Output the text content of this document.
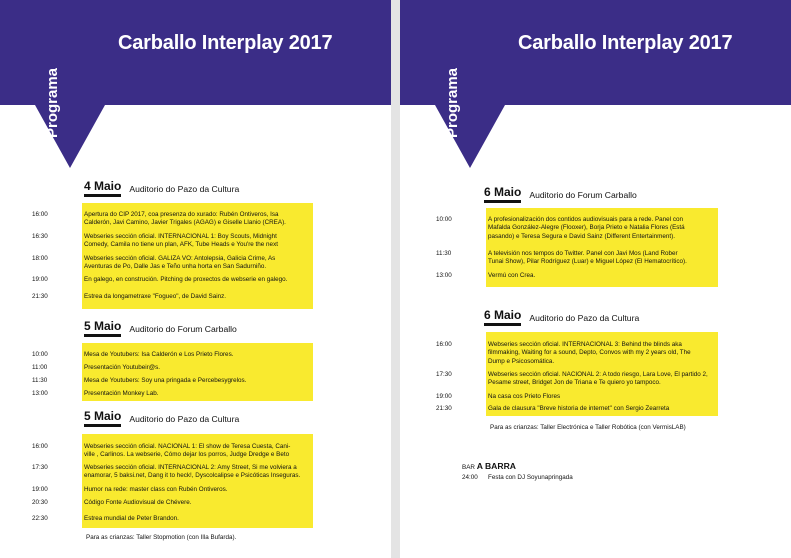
Carballo Interplay 2017
Programa
4 Maio Auditorio do Pazo da Cultura
16:00	Apertura do CIP 2017, coa presenza do xurado: Rubén Ontiveros, Isa
Calderón, Javi Camino, Javier Trigales (AGAG) e Giselle Llanio (CREA).
16:30	Webseries sección oficial. INTERNACIONAL 1: Boy Scouts, Midnight
Comedy, Camila no tiene un plan, AFK, Tube Heads e You're the next
18:00	Webseries sección oficial. GALIZA VO: Antolepsia, Galicia Crime, As
Aventuras de Po, Dalle Jas e Teño unha horta en San Sadurniño.
19:00	En galego, en construción. Pitching de proxectos de webserie en galego.
21:30	Estrea da longametraxe "Fogueo", de David Sainz.
5 Maio Auditorio do Forum Carballo
10:00	Mesa de Youtubers: Isa Calderón e Los Prieto Flores.
11:00	Presentación Youtubeir@s.
11:30	Mesa de Youtubers: Soy una pringada e Percebesygrelos.
13:00	Presentación Monkey Lab.
5 Maio Auditorio do Pazo da Cultura
16:00	Webseries sección oficial. NACIONAL 1: El show de Teresa Cuesta, Cani-
ville , Carlinos. La webserie, Cómo dejar los porros, Judge Dredge e Beto
17:30	Webseries sección oficial. INTERNACIONAL 2: Amy Street, Si me volviera a
enamorar, 5 baksi.net, Dang it to heck!, Dyscolcalipse e Psicóticas Inseguras.
19:00	Humor na rede: master class con Rubén Ontiveros.
20:30	Código Fonte Audiovisual de Chévere.
22:30	Estrea mundial de Peter Brandon.
Para as crianzas: Taller Stopmotion (con Illa Bufarda).
Carballo Interplay 2017
Programa
6 Maio Auditorio do Forum Carballo
10:00	A profesionalización dos contidos audiovisuais para a rede. Panel con
Mafalda González-Alegre (Flooxer), Borja Prieto e Natalia Flores (Está
pasando) e Teresa Segura e David Sainz (Different Entertainment).
11:30	A televisión nos tempos do Twitter. Panel con Javi Mos (Land Rober
Tunai Show), Pilar Rodríguez (Luar) e Miguel López (El Hematocrítico).
13:00	Vermú con Crea.
6 Maio Auditorio do Pazo da Cultura
16:00	Webseries sección oficial. INTERNACIONAL 3: Behind the blinds aka
filmmaking, Waiting for a sound, Depto, Convos with my 2 years old, The
Dump e Psicosomática.
17:30	Webseries sección oficial. NACIONAL 2: A todo riesgo, Lara Love, El partido 2,
Pesame street, Bridget Jon de Triana e Te quiero yo tampoco.
19:00	Na casa cos Prieto Flores
21:30	Gala de clausura "Breve historia de internet" con Sergio Zearreta
Para as crianzas: Taller Electrónica e Taller Robótica (con VermisLAB)
BAR A BARRA
24:00	Festa con DJ Soyunapringada
